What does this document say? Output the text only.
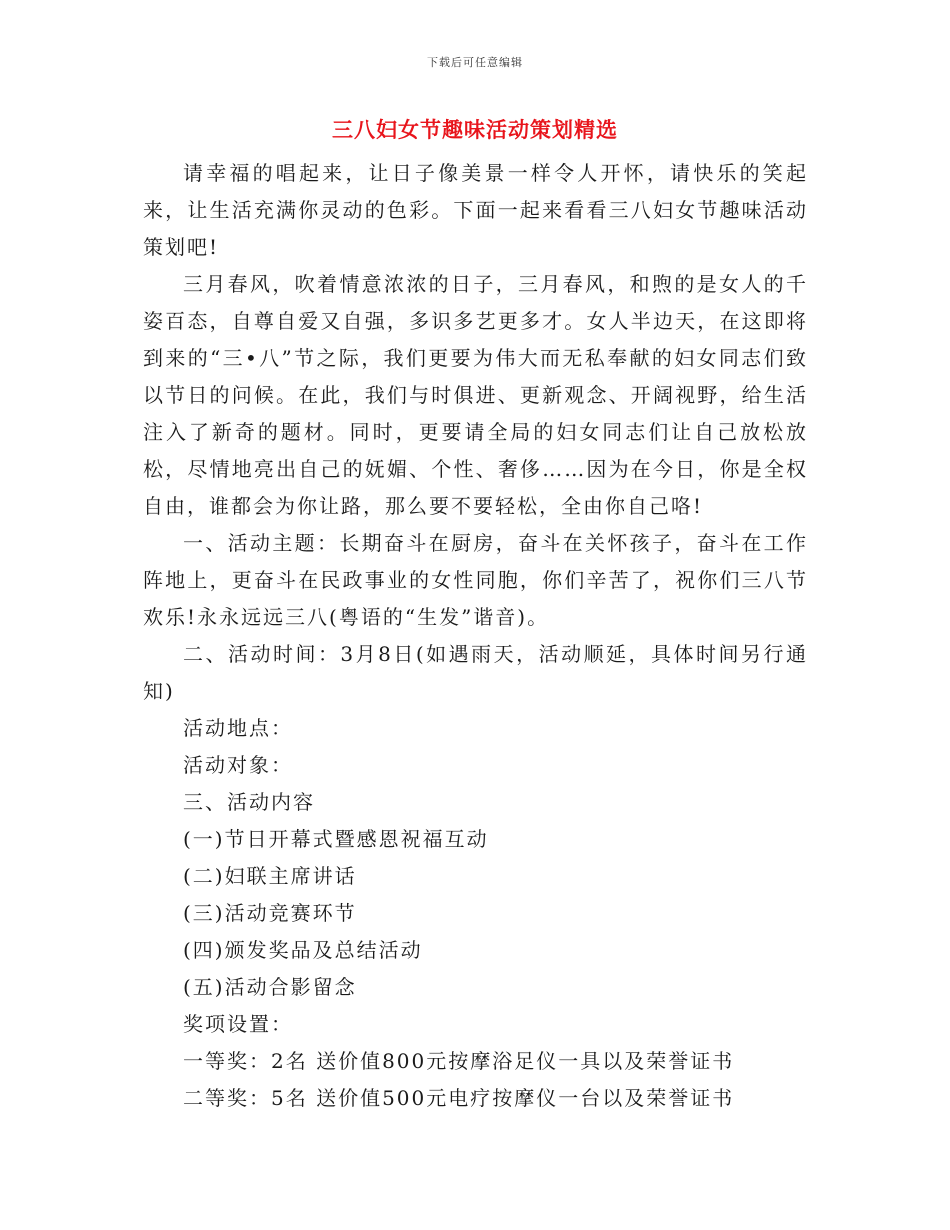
下载后可任意编辑
三八妇女节趣味活动策划精选

请幸福的唱起来，让日子像美景一样令人开怀，请快乐的笑起来，让生活充满你灵动的色彩。下面一起来看看三八妇女节趣味活动策划吧!

三月春风，吹着情意浓浓的日子，三月春风，和煦的是女人的千姿百态，自尊自爱又自强，多识多艺更多才。女人半边天，在这即将到来的“三•八”节之际，我们更要为伟大而无私奉献的妇女同志们致以节日的问候。在此，我们与时俱进、更新观念、开阔视野，给生活注入了新奇的题材。同时，更要请全局的妇女同志们让自己放松放松，尽情地亮出自己的妩媚、个性、奢侈……因为在今日，你是全权自由，谁都会为你让路，那么要不要轻松，全由你自己咯!

一、活动主题：长期奋斗在厨房，奋斗在关怀孩子，奋斗在工作阵地上，更奋斗在民政事业的女性同胞，你们辛苦了，祝你们三八节欢乐!永永远远三八(粤语的“生发”谐音)。

二、活动时间：3月8日(如遇雨天，活动顺延，具体时间另行通知)

活动地点：

活动对象：

三、活动内容

(一)节日开幕式暨感恩祝福互动

(二)妇联主席讲话

(三)活动竞赛环节

(四)颁发奖品及总结活动

(五)活动合影留念

奖项设置：

一等奖：2名 送价值800元按摩浴足仪一具以及荣誉证书

二等奖：5名 送价值500元电疗按摩仪一台以及荣誉证书
